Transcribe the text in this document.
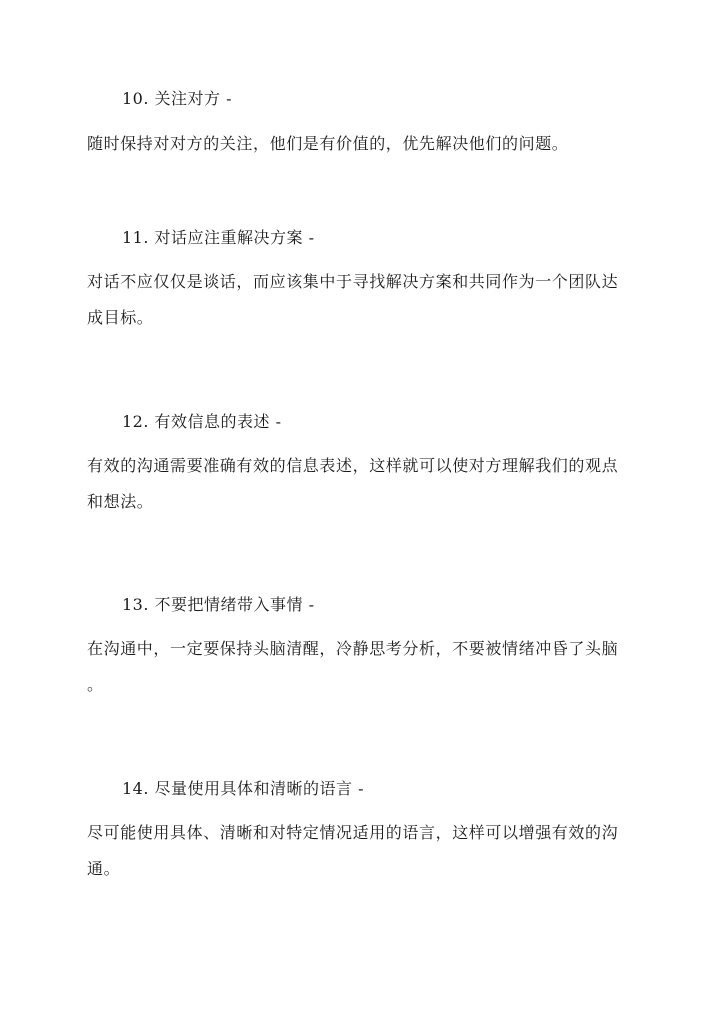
10. 关注对方 -
随时保持对对方的关注，他们是有价值的，优先解决他们的问题。
11. 对话应注重解决方案 -
对话不应仅仅是谈话，而应该集中于寻找解决方案和共同作为一个团队达
成目标。
12. 有效信息的表述 -
有效的沟通需要准确有效的信息表述，这样就可以使对方理解我们的观点
和想法。
13. 不要把情绪带入事情 -
在沟通中，一定要保持头脑清醒，冷静思考分析，不要被情绪冲昏了头脑
。
14. 尽量使用具体和清晰的语言 -
尽可能使用具体、清晰和对特定情况适用的语言，这样可以增强有效的沟
通。
